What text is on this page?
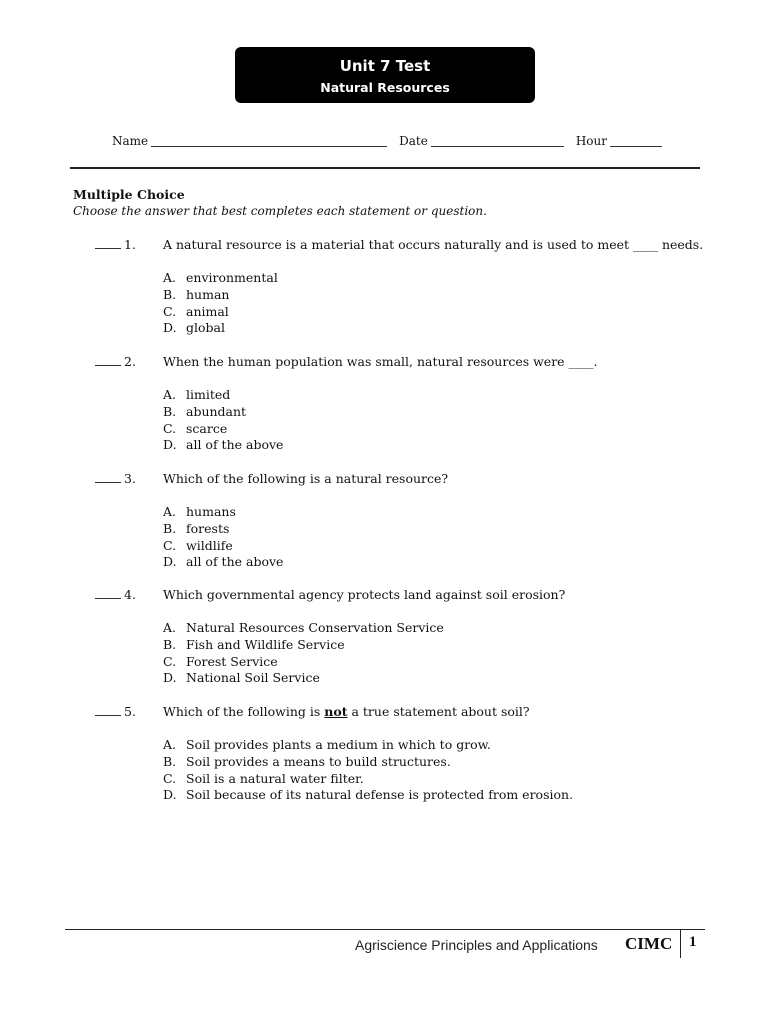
Unit 7 Test
Natural Resources
Name	Date	Hour
Multiple Choice
Choose the answer that best completes each statement or question.
1. A natural resource is a material that occurs naturally and is used to meet ____ needs.
A. environmental
B. human
C. animal
D. global
2. When the human population was small, natural resources were ____.
A. limited
B. abundant
C. scarce
D. all of the above
3. Which of the following is a natural resource?
A. humans
B. forests
C. wildlife
D. all of the above
4. Which governmental agency protects land against soil erosion?
A. Natural Resources Conservation Service
B. Fish and Wildlife Service
C. Forest Service
D. National Soil Service
5. Which of the following is not a true statement about soil?
A. Soil provides plants a medium in which to grow.
B. Soil provides a means to build structures.
C. Soil is a natural water filter.
D. Soil because of its natural defense is protected from erosion.
Agriscience Principles and Applications CIMC 1
